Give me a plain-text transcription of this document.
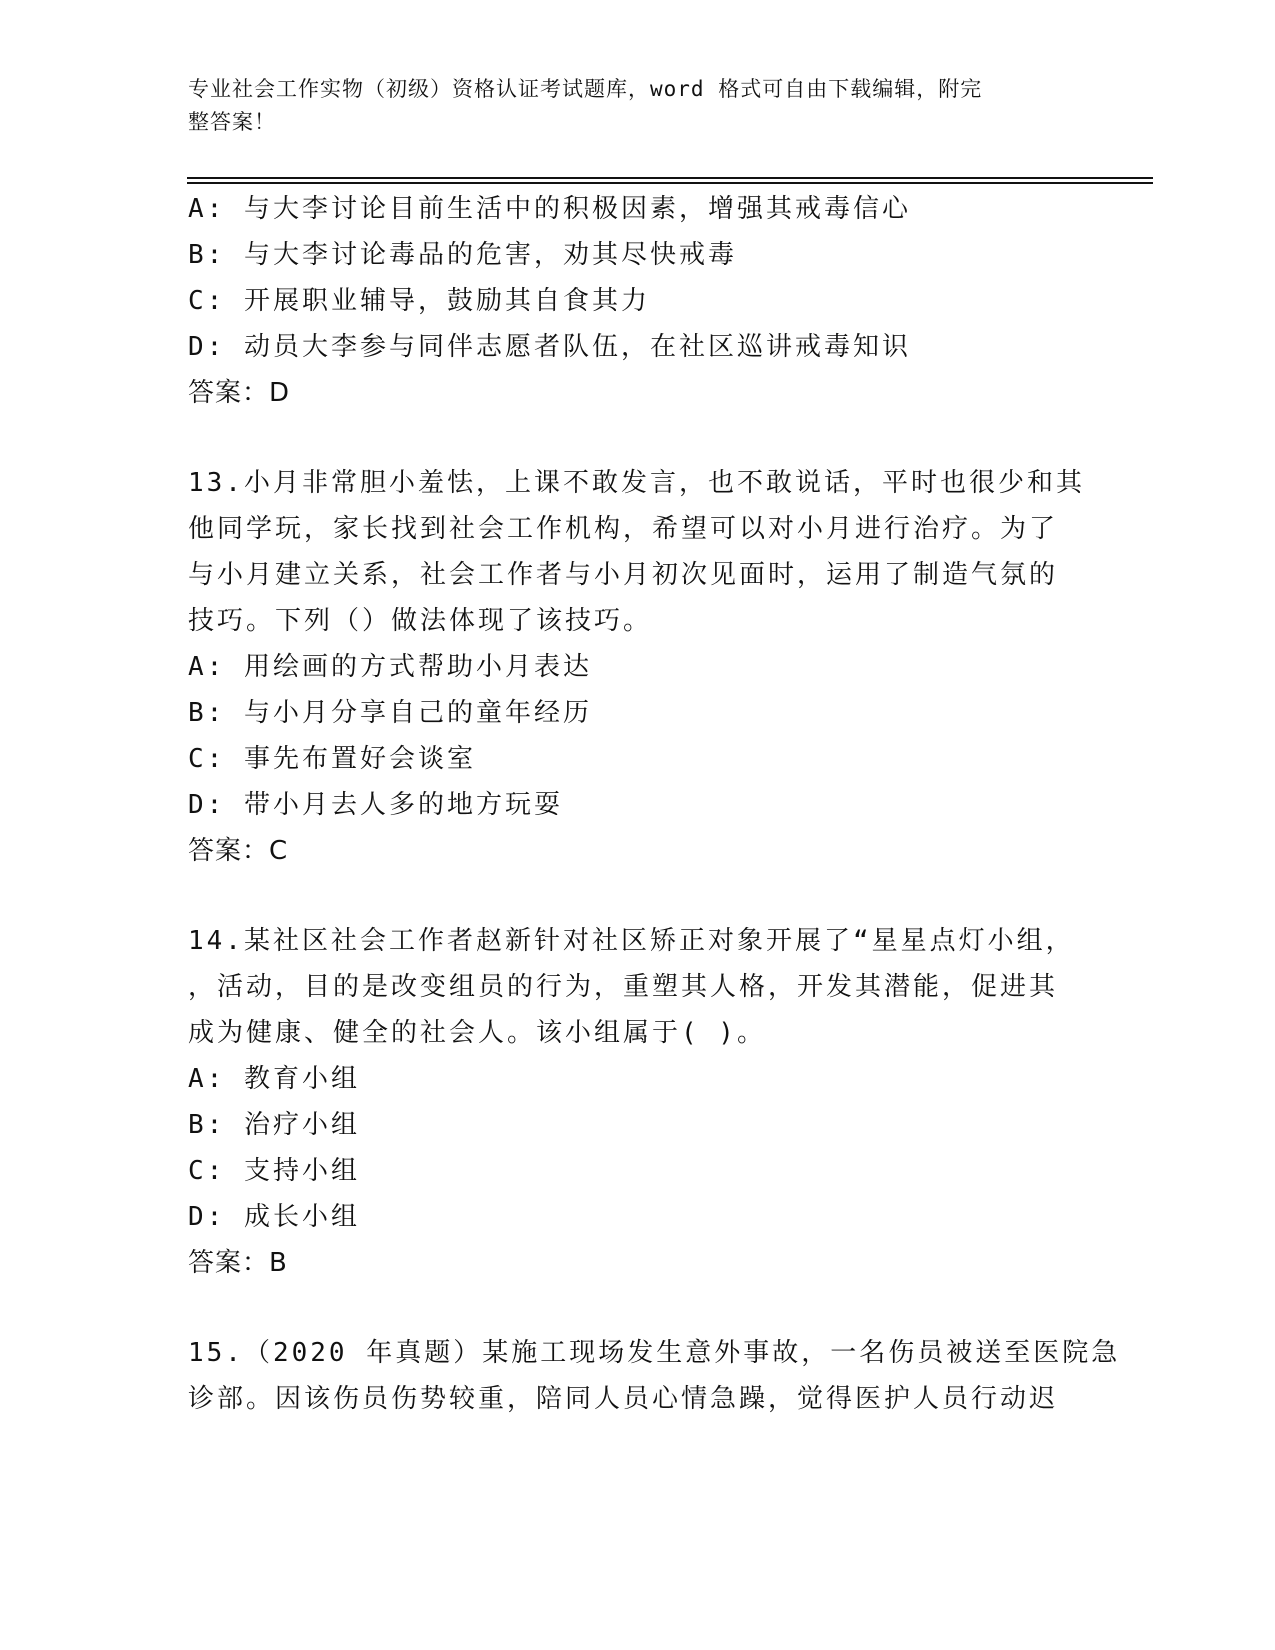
专业社会工作实物（初级）资格认证考试题库，word 格式可自由下载编辑，附完
整答案！
A: 与大李讨论目前生活中的积极因素，增强其戒毒信心
B: 与大李讨论毒品的危害，劝其尽快戒毒
C: 开展职业辅导，鼓励其自食其力
D: 动员大李参与同伴志愿者队伍，在社区巡讲戒毒知识
答案：D
13.小月非常胆小羞怯，上课不敢发言，也不敢说话，平时也很少和其
他同学玩，家长找到社会工作机构，希望可以对小月进行治疗。为了
与小月建立关系，社会工作者与小月初次见面时，运用了制造气氛的
技巧。下列（）做法体现了该技巧。
A: 用绘画的方式帮助小月表达
B: 与小月分享自己的童年经历
C: 事先布置好会谈室
D: 带小月去人多的地方玩耍
答案：C
14.某社区社会工作者赵新针对社区矫正对象开展了“星星点灯小组，
，活动，目的是改变组员的行为，重塑其人格，开发其潜能，促进其
成为健康、健全的社会人。该小组属于( )。
A: 教育小组
B: 治疗小组
C: 支持小组
D: 成长小组
答案：B
15.（2020 年真题）某施工现场发生意外事故，一名伤员被送至医院急
诊部。因该伤员伤势较重，陪同人员心情急躁，觉得医护人员行动迟
